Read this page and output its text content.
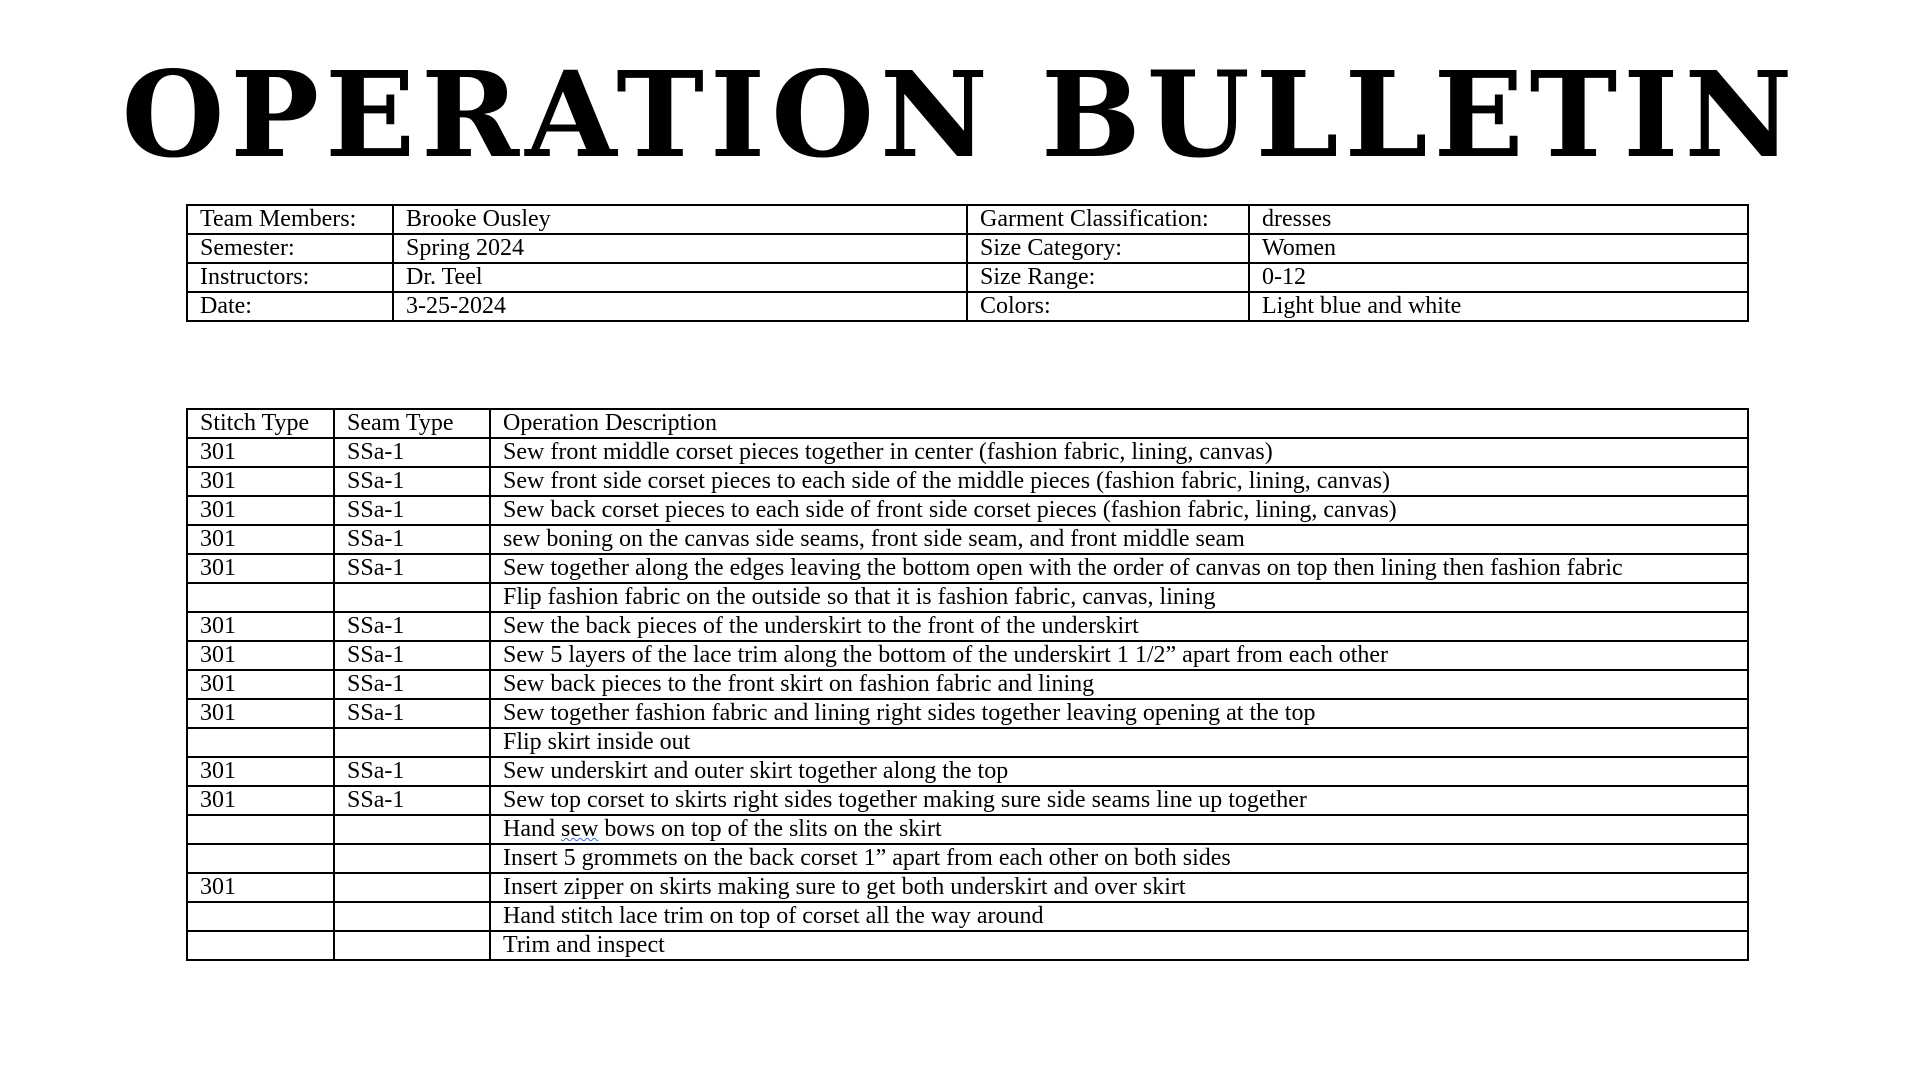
OPERATION BULLETIN
Team Members:	Brooke Ousley	Garment Classification:	dresses
Semester:	Spring 2024	Size Category:	Women
Instructors:	Dr. Teel	Size Range:	0-12
Date:	3-25-2024	Colors:	Light blue and white
Stitch Type	Seam Type	Operation Description
301	SSa-1	Sew front middle corset pieces together in center (fashion fabric, lining, canvas)
301	SSa-1	Sew front side corset pieces to each side of the middle pieces (fashion fabric, lining, canvas)
301	SSa-1	Sew back corset pieces to each side of front side corset pieces (fashion fabric, lining, canvas)
301	SSa-1	sew boning on the canvas side seams, front side seam, and front middle seam
301	SSa-1	Sew together along the edges leaving the bottom open with the order of canvas on top then lining then fashion fabric
		Flip fashion fabric on the outside so that it is fashion fabric, canvas, lining
301	SSa-1	Sew the back pieces of the underskirt to the front of the underskirt
301	SSa-1	Sew 5 layers of the lace trim along the bottom of the underskirt 1 1/2” apart from each other
301	SSa-1	Sew back pieces to the front skirt on fashion fabric and lining
301	SSa-1	Sew together fashion fabric and lining right sides together leaving opening at the top
		Flip skirt inside out
301	SSa-1	Sew underskirt and outer skirt together along the top
301	SSa-1	Sew top corset to skirts right sides together making sure side seams line up together
		Hand sew bows on top of the slits on the skirt
		Insert 5 grommets on the back corset 1” apart from each other on both sides
301		Insert zipper on skirts making sure to get both underskirt and over skirt
		Hand stitch lace trim on top of corset all the way around
		Trim and inspect
